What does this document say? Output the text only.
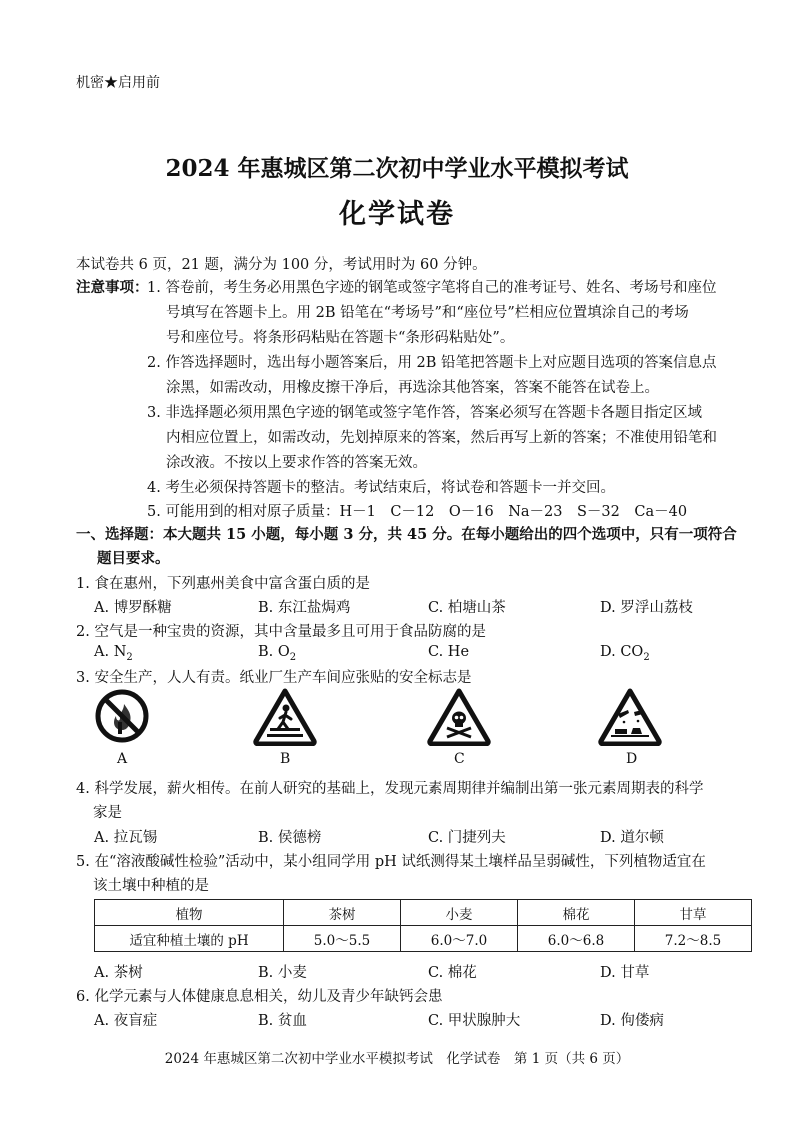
机密★启用前
2024 年惠城区第二次初中学业水平模拟考试
化学试卷
本试卷共 6 页，21 题，满分为 100 分，考试用时为 60 分钟。
注意事项：
1. 答卷前，考生务必用黑色字迹的钢笔或签字笔将自己的准考证号、姓名、考场号和座位
号填写在答题卡上。用 2B 铅笔在“考场号”和“座位号”栏相应位置填涂自己的考场
号和座位号。将条形码粘贴在答题卡“条形码粘贴处”。
2. 作答选择题时，选出每小题答案后，用 2B 铅笔把答题卡上对应题目选项的答案信息点
涂黑，如需改动，用橡皮擦干净后，再选涂其他答案，答案不能答在试卷上。
3. 非选择题必须用黑色字迹的钢笔或签字笔作答，答案必须写在答题卡各题目指定区域
内相应位置上，如需改动，先划掉原来的答案，然后再写上新的答案；不准使用铅笔和
涂改液。不按以上要求作答的答案无效。
4. 考生必须保持答题卡的整洁。考试结束后，将试卷和答题卡一并交回。
5. 可能用到的相对原子质量：H－1　C－12　O－16　Na－23　S－32　Ca－40
一、选择题：本大题共 15 小题，每小题 3 分，共 45 分。在每小题给出的四个选项中，只有一项符合
题目要求。
1. 食在惠州，下列惠州美食中富含蛋白质的是
A. 博罗酥糖	B. 东江盐焗鸡	C. 柏塘山茶	D. 罗浮山荔枝
2. 空气是一种宝贵的资源，其中含量最多且可用于食品防腐的是
A. $N_2$	B. $O_2$	C. He	D. $CO_2$
3. 安全生产，人人有责。纸业厂生产车间应张贴的安全标志是
A	B	C	D
4. 科学发展，薪火相传。在前人研究的基础上，发现元素周期律并编制出第一张元素周期表的科学
家是
A. 拉瓦锡	B. 侯德榜	C. 门捷列夫	D. 道尔顿
5. 在“溶液酸碱性检验”活动中，某小组同学用 pH 试纸测得某土壤样品呈弱碱性，下列植物适宜在
该土壤中种植的是
植物	茶树	小麦	棉花	甘草
适宜种植土壤的 pH	5.0～5.5	6.0～7.0	6.0～6.8	7.2～8.5
A. 茶树	B. 小麦	C. 棉花	D. 甘草
6. 化学元素与人体健康息息相关，幼儿及青少年缺钙会患
A. 夜盲症	B. 贫血	C. 甲状腺肿大	D. 佝偻病
2024 年惠城区第二次初中学业水平模拟考试　化学试卷　第 1 页（共 6 页）
